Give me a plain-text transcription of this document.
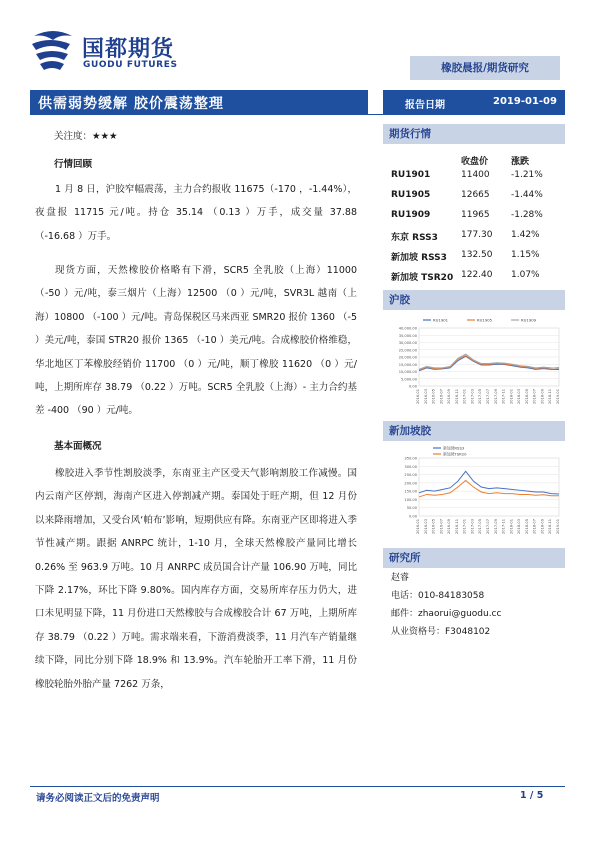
国都期货
GUODU FUTURES	橡胶晨报/期货研究
供需弱势缓解 胶价震荡整理	报告日期	2019-01-09
关注度：★★★
行情回顾

1 月 8 日，沪胶窄幅震荡，主力合约报收 11675（-170 ，-1.44%），夜盘报 11715 元/吨。持仓 35.14 （0.13 ）万手，成交量 37.88 （-16.68 ）万手。

现货方面，天然橡胶价格略有下滑，SCR5 全乳胶（上海）11000 （-50 ）元/吨，泰三烟片（上海）12500 （0 ）元/吨，SVR3L 越南（上海）10800 （-100 ）元/吨。青岛保税区马来西亚 SMR20 报价 1360 （-5 ）美元/吨，泰国 STR20 报价 1365 （-10 ）美元/吨。合成橡胶价格维稳，华北地区丁苯橡胶经销价 11700 （0 ）元/吨，顺丁橡胶 11620 （0 ）元/吨，上期所库存 38.79 （0.22 ）万吨。SCR5 全乳胶（上海）- 主力合约基差 -400 （90 ）元/吨。

基本面概况

橡胶进入季节性割胶淡季，东南亚主产区受天气影响割胶工作减慢。国内云南产区停割，海南产区进入停割减产期。泰国处于旺产期，但 12 月份以来降雨增加，又受台风‘帕布’影响，短期供应有降。东南亚产区即将进入季节性减产期。跟据 ANRPC 统计，1-10 月，全球天然橡胶产量同比增长 0.26% 至 963.9 万吨。10 月 ANRPC 成员国合计产量 106.90 万吨，同比下降 2.17%，环比下降 9.80%。国内库存方面，交易所库存压力仍大，进口未见明显下降，11 月份进口天然橡胶与合成橡胶合计 67 万吨，上期所库存 38.79 （0.22 ）万吨。需求端来看，下游消费淡季，11 月汽车产销量继续下降，同比分别下降 18.9% 和 13.9%。汽车轮胎开工率下滑，11 月份橡胶轮胎外胎产量 7262 万条，

期货行情
收盘价	涨跌
RU1901	11400 -1.21%
RU1905	12665 -1.44%
RU1909	11965 -1.28%
东京 RSS3	177.30 1.42%
新加坡 RSS3 132.50 1.15%
新加坡 TSR20 122.40 1.07%
沪胶
40,000.00
35,000.00
30,000.00
25,000.00
20,000.00
15,000.00
10,000.00
5,000.00
0.00
2016-01 2016-03 2016-05 2016-07 2016-09 2016-11 2017-01 2017-03 2017-05 2017-07 2017-09 2017-11 2018-01 2018-03 2018-05 2018-07 2018-09 2018-11 2019-01
RU1901	RU1905	RU1909
新加坡胶
350.00
300.00
250.00
200.00
150.00
100.00
50.00
0.00
2016-01 2016-03 2016-05 2016-07 2016-09 2016-11 2017-01 2017-03 2017-05 2017-07 2017-09 2017-11 2018-01 2018-03 2018-05 2018-07 2018-09 2018-11 2019-01
新加坡RSS3
新加坡TSR20
研究所
赵睿
电话：010-84183058
邮件：zhaorui@guodu.cc
从业资格号：F3048102
请务必阅读正文后的免责声明	1 / 5
